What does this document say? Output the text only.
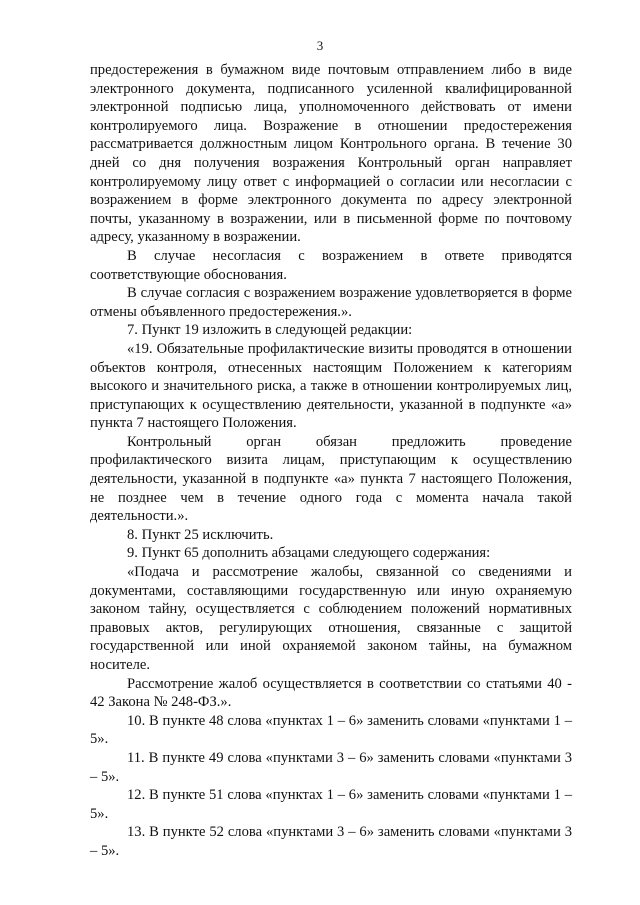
3

предостережения в бумажном виде почтовым отправлением либо в виде электронного документа, подписанного усиленной квалифицированной электронной подписью лица, уполномоченного действовать от имени контролируемого лица. Возражение в отношении предостережения рассматривается должностным лицом Контрольного органа. В течение 30 дней со дня получения возражения Контрольный орган направляет контролируемому лицу ответ с информацией о согласии или несогласии с возражением в форме электронного документа по адресу электронной почты, указанному в возражении, или в письменной форме по почтовому адресу, указанному в возражении.

В случае несогласия с возражением в ответе приводятся соответствующие обоснования.

В случае согласия с возражением возражение удовлетворяется в форме отмены объявленного предостережения.».

7. Пункт 19 изложить в следующей редакции:

«19. Обязательные профилактические визиты проводятся в отношении объектов контроля, отнесенных настоящим Положением к категориям высокого и значительного риска, а также в отношении контролируемых лиц, приступающих к осуществлению деятельности, указанной в подпункте «а» пункта 7 настоящего Положения.

Контрольный орган обязан предложить проведение профилактического визита лицам, приступающим к осуществлению деятельности, указанной в подпункте «а» пункта 7 настоящего Положения, не позднее чем в течение одного года с момента начала такой деятельности.».

8. Пункт 25 исключить.

9. Пункт 65 дополнить абзацами следующего содержания:

«Подача и рассмотрение жалобы, связанной со сведениями и документами, составляющими государственную или иную охраняемую законом тайну, осуществляется с соблюдением положений нормативных правовых актов, регулирующих отношения, связанные с защитой государственной или иной охраняемой законом тайны, на бумажном носителе.

Рассмотрение жалоб осуществляется в соответствии со статьями 40 - 42 Закона № 248-ФЗ.».

10. В пункте 48 слова «пунктах 1 – 6» заменить словами «пунктами 1 – 5».

11. В пункте 49 слова «пунктами 3 – 6» заменить словами «пунктами 3 – 5».

12. В пункте 51 слова «пунктах 1 – 6» заменить словами «пунктами 1 – 5».

13. В пункте 52 слова «пунктами 3 – 6» заменить словами «пунктами 3 – 5».
